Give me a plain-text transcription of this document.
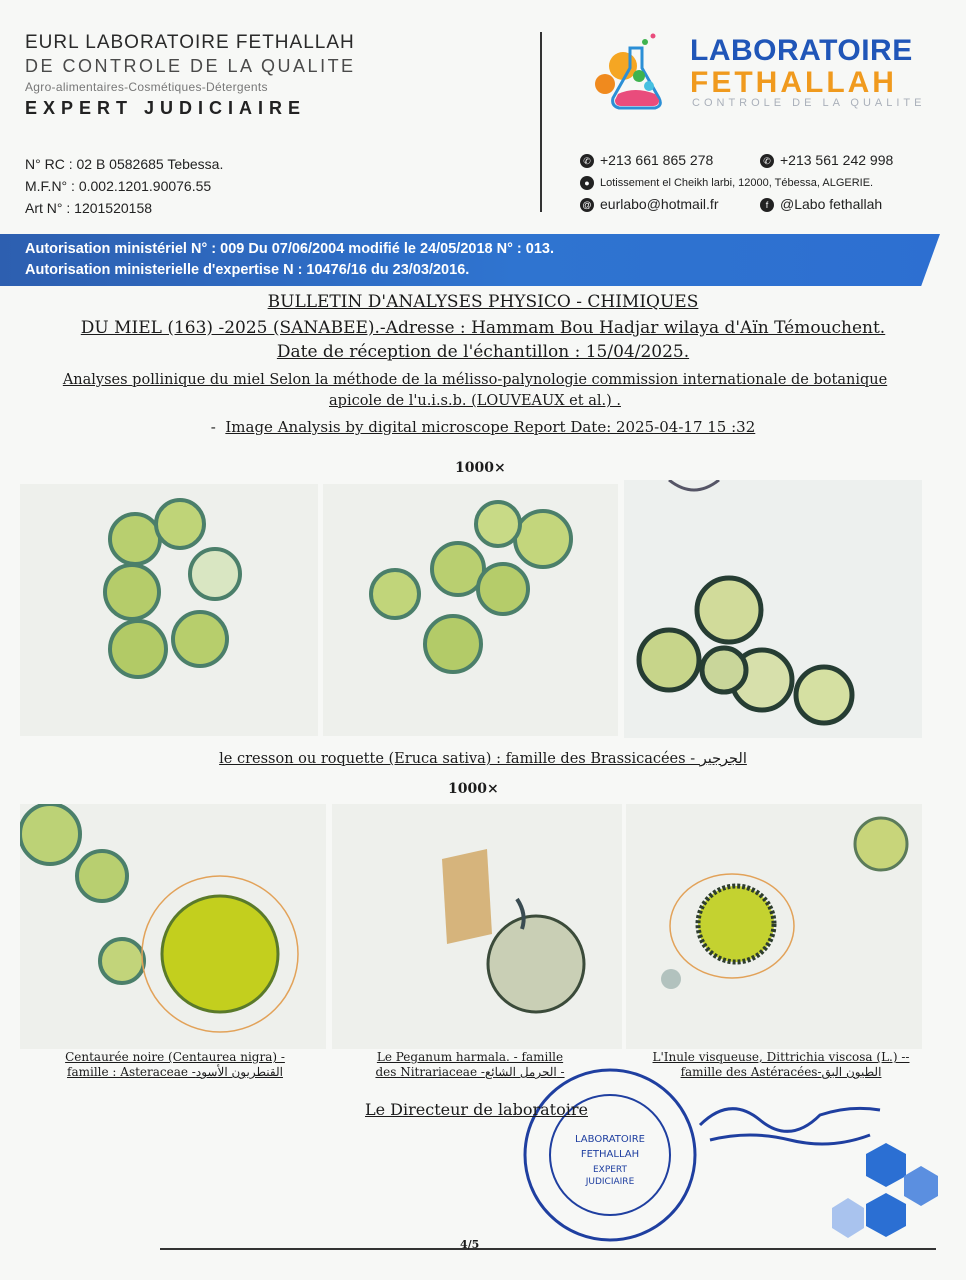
EURL LABORATOIRE FETHALLAH
DE CONTROLE DE LA QUALITE
Agro-alimentaires-Cosmétiques-Détergents
EXPERT JUDICIAIRE
N° RC : 02 B 0582685 Tebessa.
M.F.N° : 0.002.1201.90076.55
Art N° : 1201520158
LABORATOIRE
FETHALLAH
CONTROLE DE LA QUALITE
✆ +213 661 865 278	✆ +213 561 242 998
● Lotissement el Cheikh larbi, 12000, Tébessa, ALGERIE.
@ eurlabo@hotmail.fr	f @Labo fethallah
Autorisation ministériel N° : 009 Du 07/06/2004 modifié le 24/05/2018 N° : 013.
Autorisation ministerielle d'expertise N : 10476/16 du 23/03/2016.
BULLETIN D'ANALYSES PHYSICO - CHIMIQUES
DU MIEL (163) -2025 (SANABEE).-Adresse : Hammam Bou Hadjar wilaya d'Aïn Témouchent.
Date de réception de l'échantillon : 15/04/2025.
Analyses pollinique du miel Selon la méthode de la mélisso-palynologie commission internationale de botanique
apicole de l'u.i.s.b. (LOUVEAUX et al.) .
- Image Analysis by digital microscope Report Date: 2025-04-17 15 :32
1000×
le cresson ou roquette (Eruca sativa) : famille des Brassicacées - الجرجير
1000×
Centaurée noire (Centaurea nigra) -
famille : Asteraceae -القنطريون الأسود
Le Peganum harmala. - famille
des Nitrariaceae -الحرمل الشائع -
L'Inule visqueuse, Dittrichia viscosa (L.) --
famille des Astéracées-الطيون البق
LABORATOIRE
FETHALLAH
EXPERT
JUDICIAIRE
Le Directeur de laboratoire
4/5
